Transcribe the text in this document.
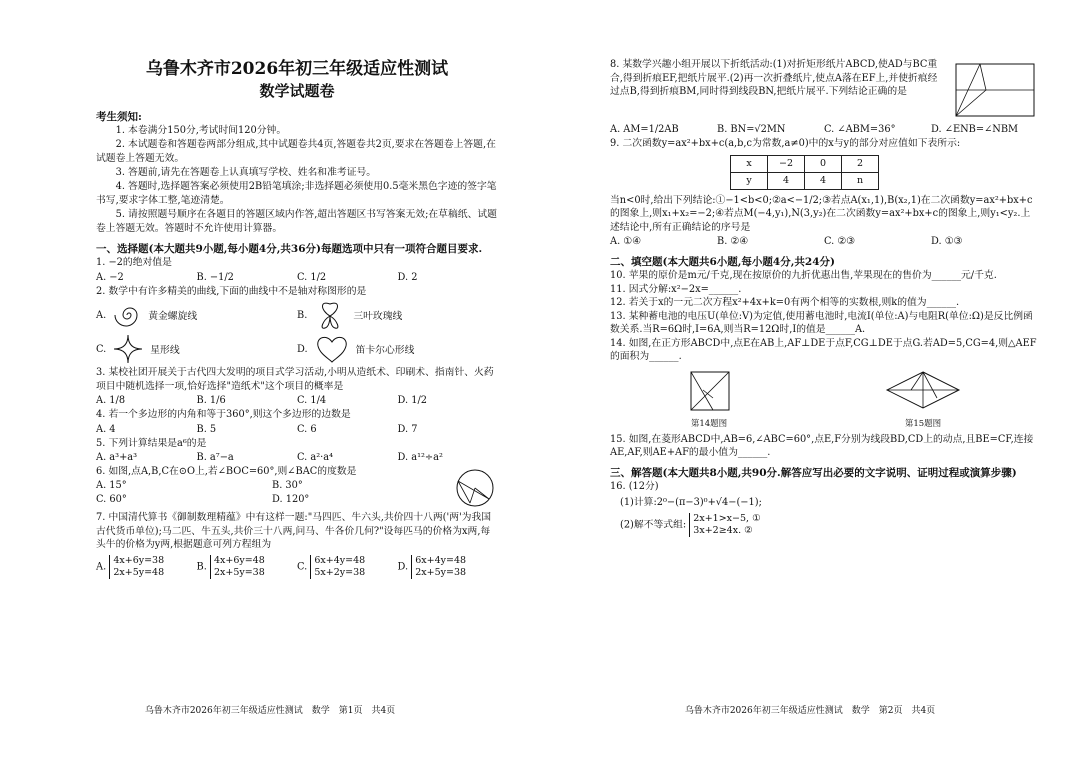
乌鲁木齐市2026年初三年级适应性测试
数学试题卷
考生须知:
1. 本卷满分150分,考试时间120分钟。
2. 本试题卷和答题卷两部分组成,其中试题卷共4页,答题卷共2页,要求在答题卷上答题,在试题卷上答题无效。
3. 答题前,请先在答题卷上认真填写学校、姓名和准考证号。
4. 答题时,选择题答案必须使用2B铅笔填涂;非选择题必须使用0.5毫米黑色字迹的签字笔书写,要求字体工整,笔迹清楚。
5. 请按照题号顺序在各题目的答题区域内作答,超出答题区书写答案无效;在草稿纸、试题卷上答题无效。答题时不允许使用计算器。
一、选择题(本大题共9小题,每小题4分,共36分)每题选项中只有一项符合题目要求.
1. −2的绝对值是
A. −2	B. −1/2	C. 1/2	D. 2
2. 数学中有许多精美的曲线,下面的曲线中不是轴对称图形的是
A.	黄金螺旋线	B.	三叶玫瑰线
C.	星形线	D.	笛卡尔心形线
3. 某校社团开展关于古代四大发明的项目式学习活动,小明从造纸术、印刷术、指南针、火药项目中随机选择一项,恰好选择"造纸术"这个项目的概率是
A. 1/8	B. 1/6	C. 1/4	D. 1/2
4. 若一个多边形的内角和等于360°,则这个多边形的边数是
A. 4	B. 5	C. 6	D. 7
5. 下列计算结果是a⁶的是
A. a³+a³	B. a⁷−a	C. a²·a⁴	D. a¹²÷a²
6. 如图,点A,B,C在⊙O上,若∠BOC=60°,则∠BAC的度数是
A. 15°	B. 30°
C. 60°	D. 120°
7. 中国清代算书《御制数理精蕴》中有这样一题:"马四匹、牛六头,共价四十八两('两'为我国古代货币单位);马二匹、牛五头,共价三十八两,问马、牛各价几何?"设每匹马的价格为x两,每头牛的价格为y两,根据题意可列方程组为
A. 4x+6y=38
2x+5y=48	B. 4x+6y=48
2x+5y=38	C. 6x+4y=48
5x+2y=38	D. 6x+4y=48
2x+5y=38
乌鲁木齐市2026年初三年级适应性测试　数学　第1页　共4页
8. 某数学兴趣小组开展以下折纸活动:(1)对折矩形纸片ABCD,使AD与BC重合,得到折痕EF,把纸片展平.(2)再一次折叠纸片,使点A落在EF上,并使折痕经过点B,得到折痕BM,同时得到线段BN,把纸片展平.下列结论正确的是
A. AM=1/2AB	B. BN=√2MN	C. ∠ABM=36°	D. ∠ENB=∠NBM
9. 二次函数y=ax²+bx+c(a,b,c为常数,a≠0)中的x与y的部分对应值如下表所示:
x	−2	0	2
y	4	4	n
当n<0时,给出下列结论:①−1<b<0;②a<−1/2;③若点A(x₁,1),B(x₂,1)在二次函数y=ax²+bx+c的图象上,则x₁+x₂=−2;④若点M(−4,y₁),N(3,y₂)在二次函数y=ax²+bx+c的图象上,则y₁<y₂.上述结论中,所有正确结论的序号是
A. ①④	B. ②④	C. ②③	D. ①③
二、填空题(本大题共6小题,每小题4分,共24分)
10. 苹果的原价是m元/千克,现在按原价的九折优惠出售,苹果现在的售价为______元/千克.
11. 因式分解:x²−2x=______.
12. 若关于x的一元二次方程x²+4x+k=0有两个相等的实数根,则k的值为______.
13. 某种蓄电池的电压U(单位:V)为定值,使用蓄电池时,电流I(单位:A)与电阻R(单位:Ω)是反比例函数关系.当R=6Ω时,I=6A,则当R=12Ω时,I的值是______A.
14. 如图,在正方形ABCD中,点E在AB上,AF⊥DE于点F,CG⊥DE于点G.若AD=5,CG=4,则△AEF的面积为______.
第14题图	第15题图
15. 如图,在菱形ABCD中,AB=6,∠ABC=60°,点E,F分别为线段BD,CD上的动点,且BE=CF,连接AE,AF,则AE+AF的最小值为______.
三、解答题(本大题共8小题,共90分.解答应写出必要的文字说明、证明过程或演算步骤)
16. (12分)
(1)计算:2⁰−(π−3)⁰+√4−(−1);
(2)解不等式组: 2x+1>x−5, ①
3x+2≥4x. ②
乌鲁木齐市2026年初三年级适应性测试　数学　第2页　共4页
